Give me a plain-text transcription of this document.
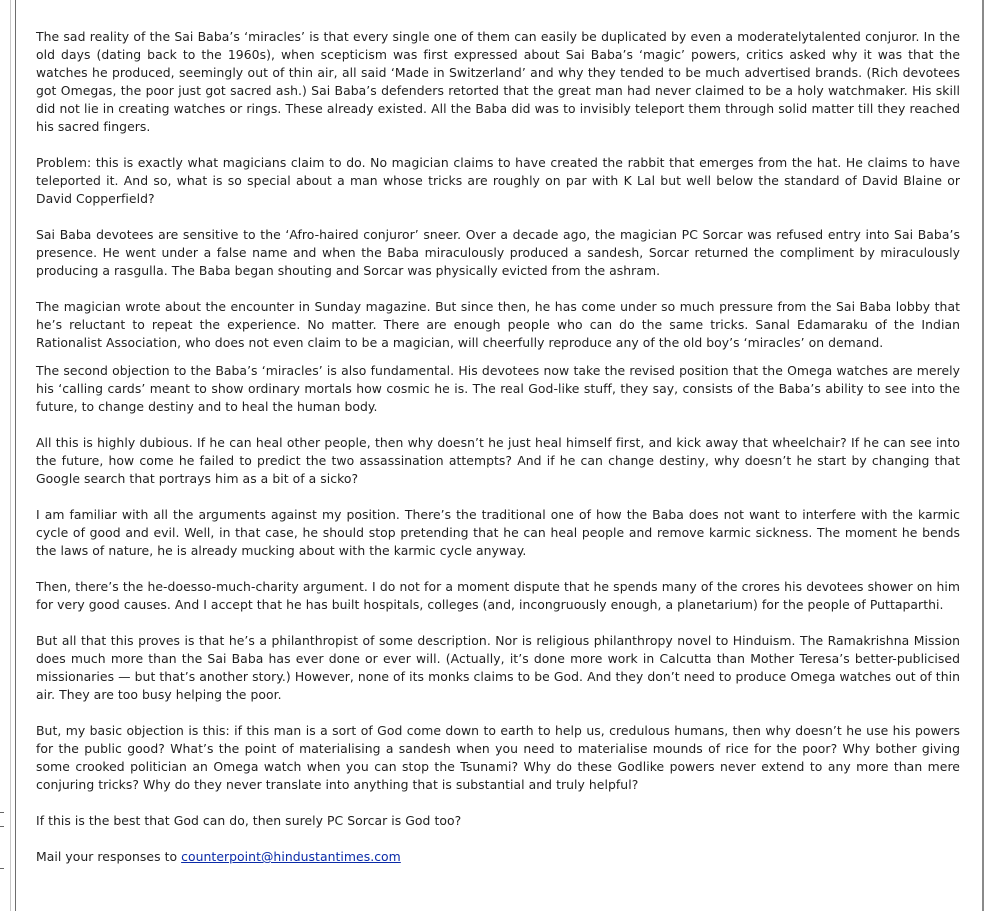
The sad reality of the Sai Baba’s ‘miracles’ is that every single one of them can easily be duplicated by even a moderatelytalented conjuror. In the old days (dating back to the 1960s), when scepticism was first expressed about Sai Baba’s ‘magic’ powers, critics asked why it was that the watches he produced, seemingly out of thin air, all said ‘Made in Switzerland’ and why they tended to be much advertised brands. (Rich devotees got Omegas, the poor just got sacred ash.) Sai Baba’s defenders retorted that the great man had never claimed to be a holy watchmaker. His skill did not lie in creating watches or rings. These already existed. All the Baba did was to invisibly teleport them through solid matter till they reached his sacred fingers.

Problem: this is exactly what magicians claim to do. No magician claims to have created the rabbit that emerges from the hat. He claims to have teleported it. And so, what is so special about a man whose tricks are roughly on par with K Lal but well below the standard of David Blaine or David Copperfield?

Sai Baba devotees are sensitive to the ‘Afro-haired conjuror’ sneer. Over a decade ago, the magician PC Sorcar was refused entry into Sai Baba’s presence. He went under a false name and when the Baba miraculously produced a sandesh, Sorcar returned the compliment by miraculously producing a rasgulla. The Baba began shouting and Sorcar was physically evicted from the ashram.

The magician wrote about the encounter in Sunday magazine. But since then, he has come under so much pressure from the Sai Baba lobby that he’s reluctant to repeat the experience. No matter. There are enough people who can do the same tricks. Sanal Edamaraku of the Indian Rationalist Association, who does not even claim to be a magician, will cheerfully reproduce any of the old boy’s ‘miracles’ on demand.

The second objection to the Baba’s ‘miracles’ is also fundamental. His devotees now take the revised position that the Omega watches are merely his ‘calling cards’ meant to show ordinary mortals how cosmic he is. The real God-like stuff, they say, consists of the Baba’s ability to see into the future, to change destiny and to heal the human body.

All this is highly dubious. If he can heal other people, then why doesn’t he just heal himself first, and kick away that wheelchair? If he can see into the future, how come he failed to predict the two assassination attempts? And if he can change destiny, why doesn’t he start by changing that Google search that portrays him as a bit of a sicko?

I am familiar with all the arguments against my position. There’s the traditional one of how the Baba does not want to interfere with the karmic cycle of good and evil. Well, in that case, he should stop pretending that he can heal people and remove karmic sickness. The moment he bends the laws of nature, he is already mucking about with the karmic cycle anyway.

Then, there’s the he-doesso-much-charity argument. I do not for a moment dispute that he spends many of the crores his devotees shower on him for very good causes. And I accept that he has built hospitals, colleges (and, incongruously enough, a planetarium) for the people of Puttaparthi.

But all that this proves is that he’s a philanthropist of some description. Nor is religious philanthropy novel to Hinduism. The Ramakrishna Mission does much more than the Sai Baba has ever done or ever will. (Actually, it’s done more work in Calcutta than Mother Teresa’s better-publicised missionaries — but that’s another story.) However, none of its monks claims to be God. And they don’t need to produce Omega watches out of thin air. They are too busy helping the poor.

But, my basic objection is this: if this man is a sort of God come down to earth to help us, credulous humans, then why doesn’t he use his powers for the public good? What’s the point of materialising a sandesh when you need to materialise mounds of rice for the poor? Why bother giving some crooked politician an Omega watch when you can stop the Tsunami? Why do these Godlike powers never extend to any more than mere conjuring tricks? Why do they never translate into anything that is substantial and truly helpful?

If this is the best that God can do, then surely PC Sorcar is God too?

Mail your responses to counterpoint@hindustantimes.com
